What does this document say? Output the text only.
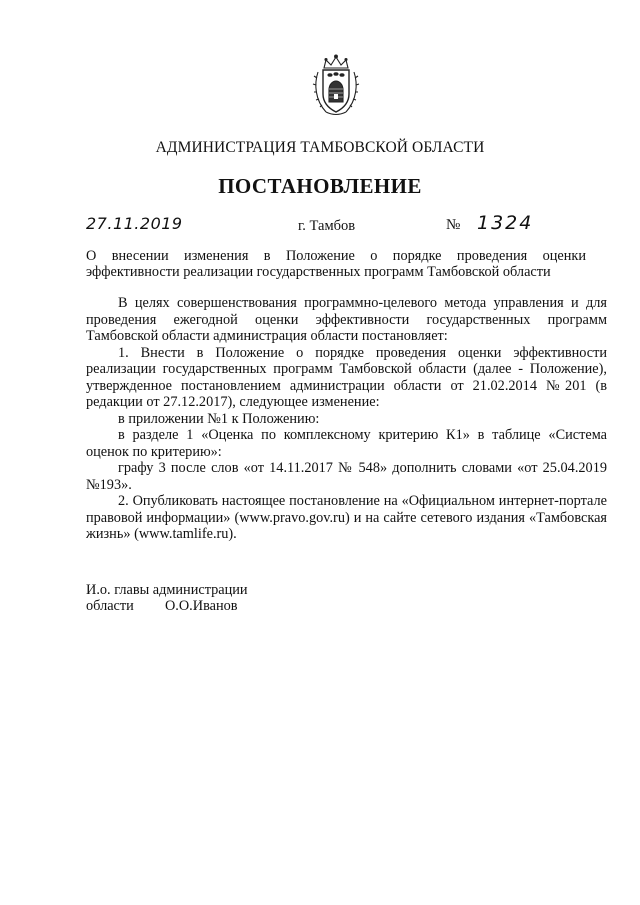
АДМИНИСТРАЦИЯ ТАМБОВСКОЙ ОБЛАСТИ
ПОСТАНОВЛЕНИЕ
27.11.2019	г. Тамбов	№ 1324
О внесении изменения в Положение о порядке проведения оценки эффективности реализации государственных программ Тамбовской области

В целях совершенствования программно-целевого метода управления и для проведения ежегодной оценки эффективности государственных программ Тамбовской области администрация области постановляет:

1. Внести в Положение о порядке проведения оценки эффективности реализации государственных программ Тамбовской области (далее - Положение), утвержденное постановлением администрации области от 21.02.2014 №201 (в редакции от 27.12.2017), следующее изменение:

в приложении №1 к Положению:

в разделе 1 «Оценка по комплексному критерию К1» в таблице «Система оценок по критерию»:

графу 3 после слов «от 14.11.2017 № 548» дополнить словами «от 25.04.2019 №193».

2. Опубликовать настоящее постановление на «Официальном интернет-портале правовой информации» (www.pravo.gov.ru) и на сайте сетевого издания «Тамбовская жизнь» (www.tamlife.ru).

И.о. главы администрации
области О.О.Иванов
